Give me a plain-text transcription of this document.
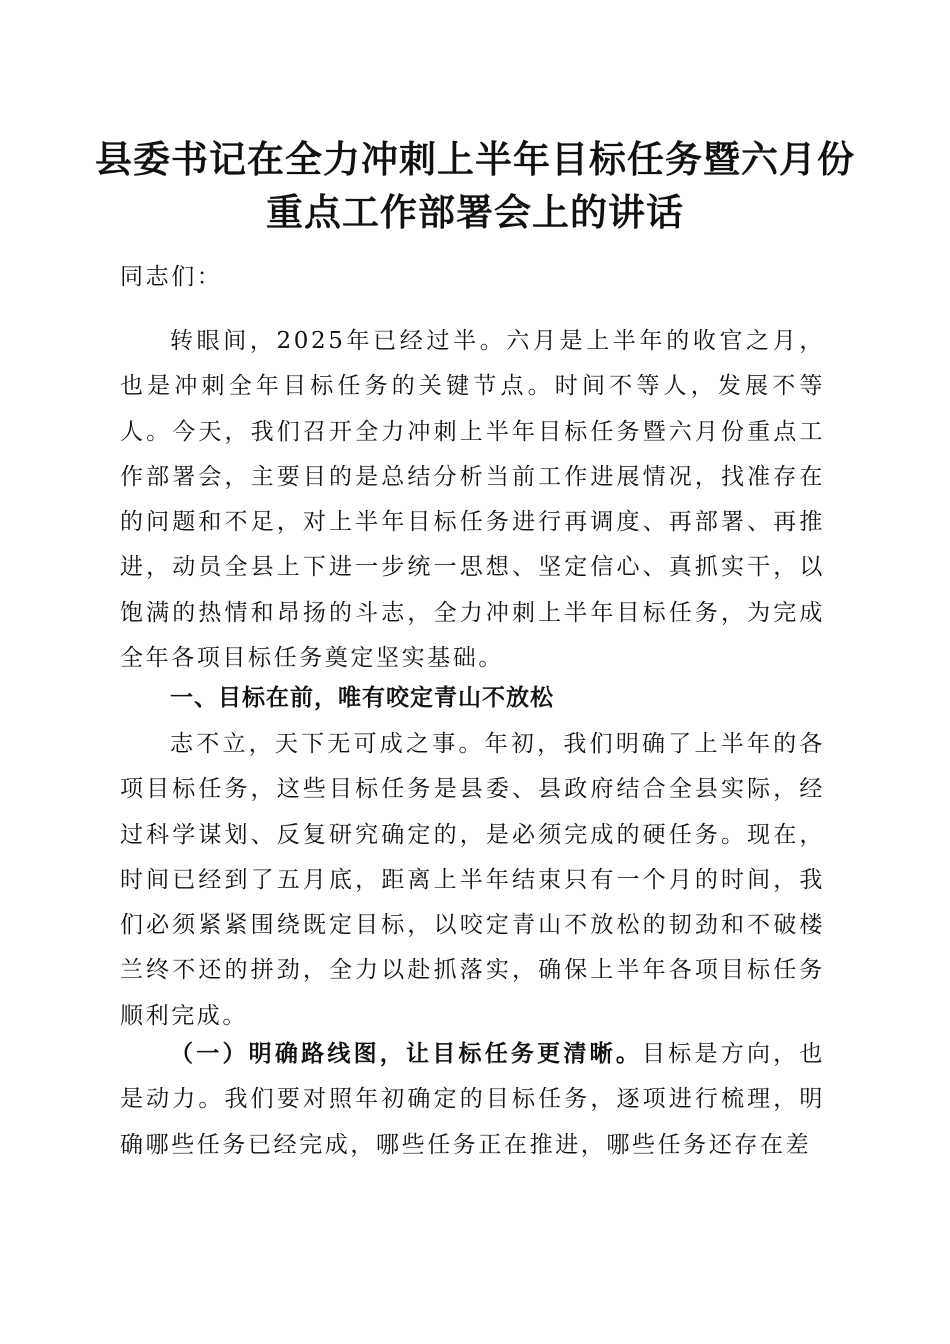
县委书记在全力冲刺上半年目标任务暨六月份
重点工作部署会上的讲话
同志们：
转眼间，2025年已经过半。六月是上半年的收官之月，也是冲刺全年目标任务的关键节点。时间不等人，发展不等人。今天，我们召开全力冲刺上半年目标任务暨六月份重点工作部署会，主要目的是总结分析当前工作进展情况，找准存在的问题和不足，对上半年目标任务进行再调度、再部署、再推进，动员全县上下进一步统一思想、坚定信心、真抓实干，以饱满的热情和昂扬的斗志，全力冲刺上半年目标任务，为完成全年各项目标任务奠定坚实基础。
一、目标在前，唯有咬定青山不放松
志不立，天下无可成之事。年初，我们明确了上半年的各项目标任务，这些目标任务是县委、县政府结合全县实际，经过科学谋划、反复研究确定的，是必须完成的硬任务。现在，时间已经到了五月底，距离上半年结束只有一个月的时间，我们必须紧紧围绕既定目标，以咬定青山不放松的韧劲和不破楼兰终不还的拼劲，全力以赴抓落实，确保上半年各项目标任务顺利完成。
（一）明确路线图，让目标任务更清晰。目标是方向，也是动力。我们要对照年初确定的目标任务，逐项进行梳理，明确哪些任务已经完成，哪些任务正在推进，哪些任务还存在差
